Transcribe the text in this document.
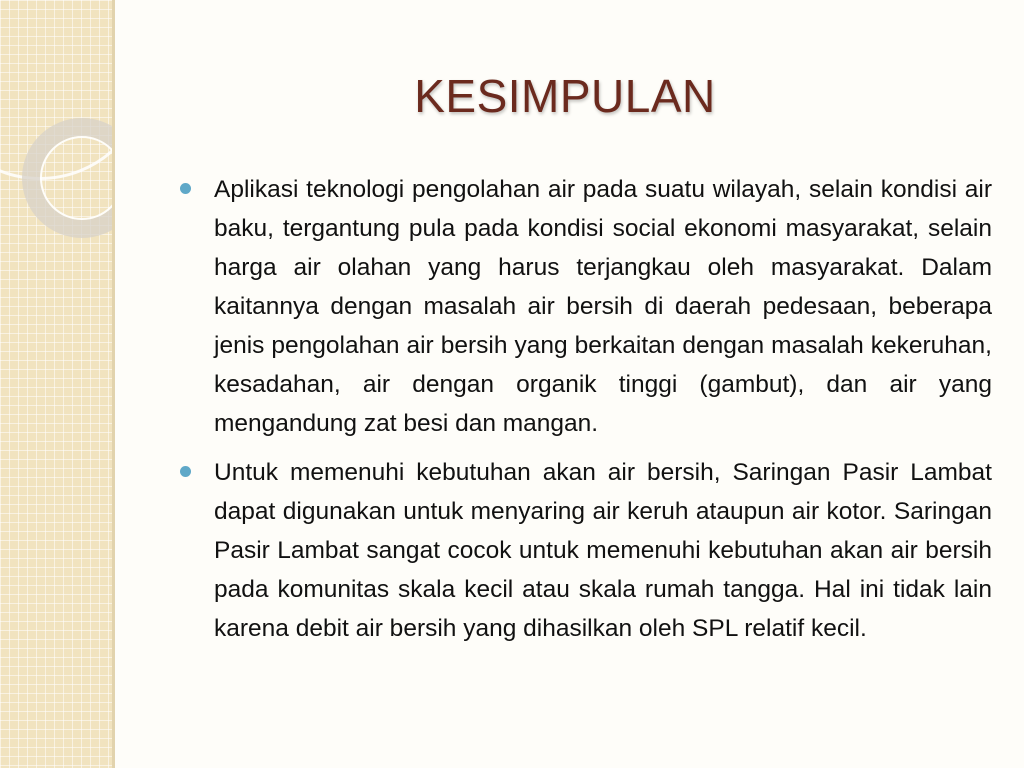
KESIMPULAN
Aplikasi teknologi pengolahan air pada suatu wilayah, selain kondisi air baku, tergantung pula pada kondisi social ekonomi masyarakat, selain harga air olahan yang harus terjangkau oleh masyarakat. Dalam kaitannya dengan masalah air bersih di daerah pedesaan, beberapa jenis pengolahan air bersih yang berkaitan dengan masalah kekeruhan, kesadahan, air dengan organik tinggi (gambut), dan air yang mengandung zat besi dan mangan.
Untuk memenuhi kebutuhan akan air bersih, Saringan Pasir Lambat dapat digunakan untuk menyaring air keruh ataupun air kotor. Saringan Pasir Lambat sangat cocok untuk memenuhi kebutuhan akan air bersih pada komunitas skala kecil atau skala rumah tangga. Hal ini tidak lain karena debit air bersih yang dihasilkan oleh SPL relatif kecil.
